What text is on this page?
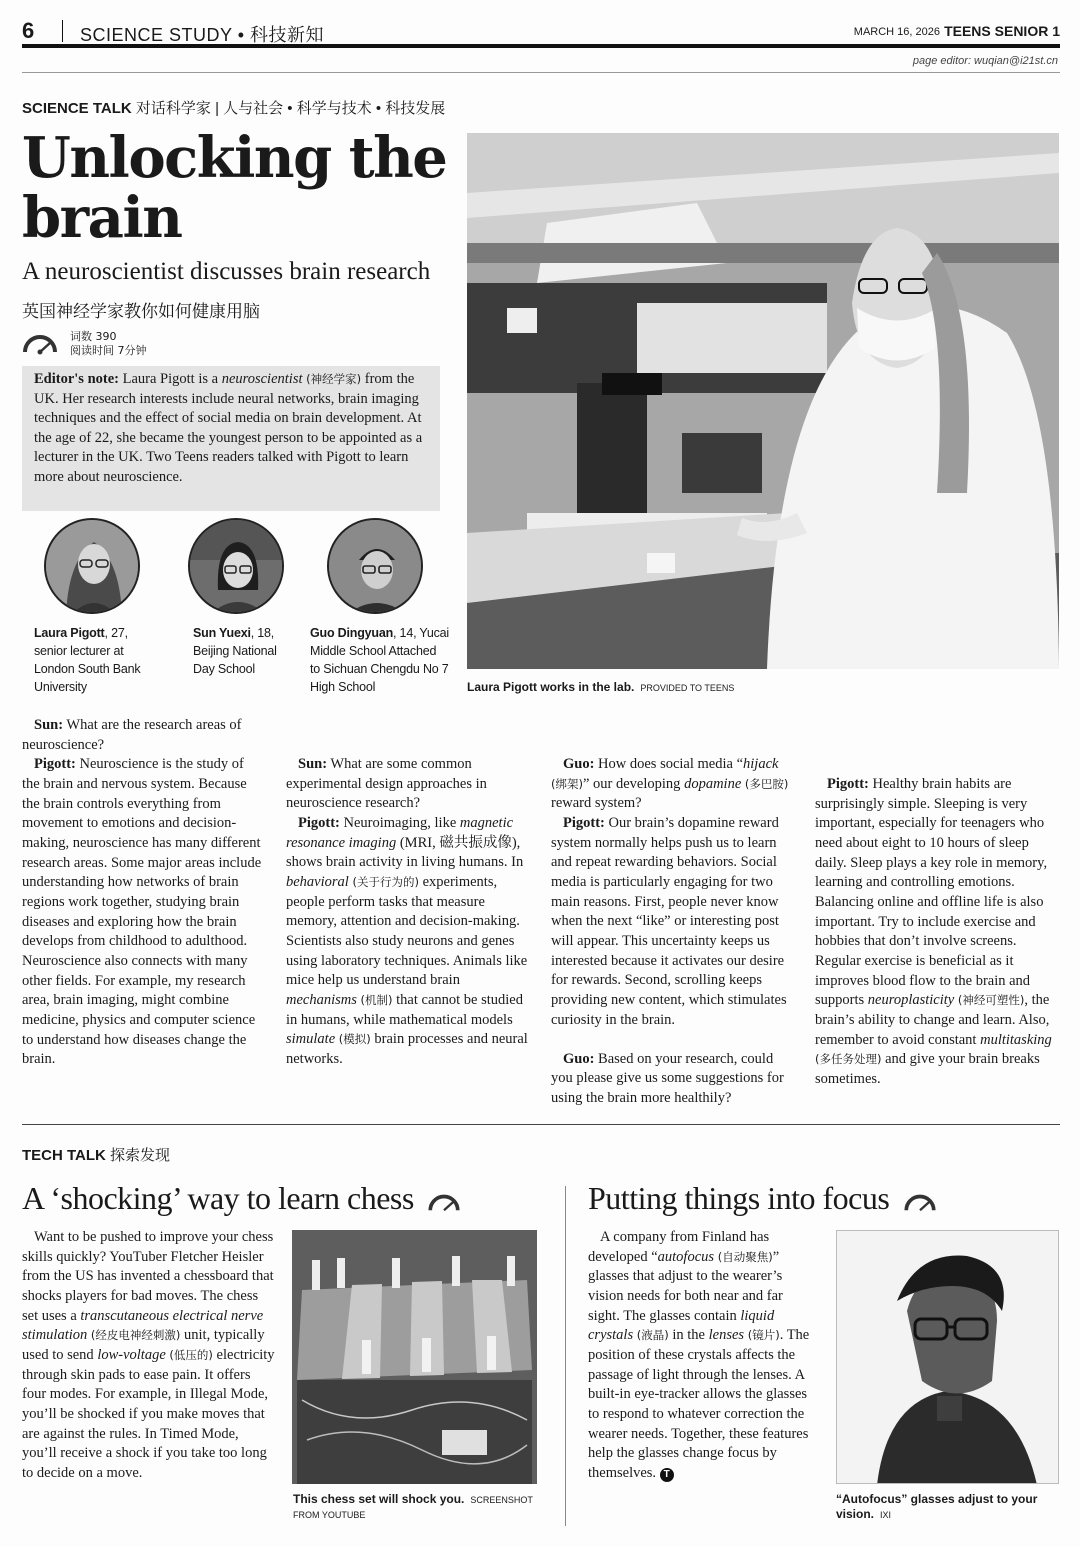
6	SCIENCE STUDY • 科技新知	MARCH 16, 2026 TEENS SENIOR 1
page editor: wuqian@i21st.cn
SCIENCE TALK 对话科学家 | 人与社会 • 科学与技术 • 科技发展
Unlocking the
brain
A neuroscientist discusses brain research
英国神经学家教你如何健康用脑
词数 390
阅读时间 7分钟
Editor's note: Laura Pigott is a neuroscientist (神经学家) from the UK. Her research interests include neural networks, brain imaging techniques and the effect of social media on brain development. At the age of 22, she became the youngest person to be appointed as a lecturer in the UK. Two Teens readers talked with Pigott to learn more about neuroscience.
Laura Pigott, 27,
senior lecturer at
London South Bank
University
Sun Yuexi, 18,
Beijing National
Day School
Guo Dingyuan, 14, Yucai
Middle School Attached
to Sichuan Chengdu No 7
High School	Laura Pigott works in the lab. PROVIDED TO TEENS

Sun: What are the research areas of neuroscience?

Pigott: Neuroscience is the study of the brain and nervous system. Because the brain controls everything from movement to emotions and decision-making, neuroscience has many different research areas. Some major areas include understanding how networks of brain regions work together, studying brain diseases and exploring how the brain develops from childhood to adulthood. Neuroscience also connects with many other fields. For example, my research area, brain imaging, might combine medicine, physics and computer science to understand how diseases change the brain.

Sun: What are some common experimental design approaches in neuroscience research?

Pigott: Neuroimaging, like magnetic resonance imaging (MRI, 磁共振成像), shows brain activity in living humans. In behavioral (关于行为的) experiments, people perform tasks that measure memory, attention and decision-making. Scientists also study neurons and genes using laboratory techniques. Animals like mice help us understand brain mechanisms (机制) that cannot be studied in humans, while mathematical models simulate (模拟) brain processes and neural networks.

Guo: How does social media “hijack (绑架)” our developing dopamine (多巴胺) reward system?

Pigott: Our brain’s dopamine reward system normally helps push us to learn and repeat rewarding behaviors. Social media is particularly engaging for two main reasons. First, people never know when the next “like” or interesting post will appear. This uncertainty keeps us interested because it activates our desire for rewards. Second, scrolling keeps providing new content, which stimulates curiosity in the brain.

Guo: Based on your research, could you please give us some suggestions for using the brain more healthily?

Pigott: Healthy brain habits are surprisingly simple. Sleeping is very important, especially for teenagers who need about eight to 10 hours of sleep daily. Sleep plays a key role in memory, learning and controlling emotions. Balancing online and offline life is also important. Try to include exercise and hobbies that don’t involve screens. Regular exercise is beneficial as it improves blood flow to the brain and supports neuroplasticity (神经可塑性), the brain’s ability to change and learn. Also, remember to avoid constant multitasking (多任务处理) and give your brain breaks sometimes.

TECH TALK 探索发现
A ‘shocking’ way to learn chess

Want to be pushed to improve your chess skills quickly? YouTuber Fletcher Heisler from the US has invented a chessboard that shocks players for bad moves. The chess set uses a transcutaneous electrical nerve stimulation (经皮电神经刺激) unit, typically used to send low-voltage (低压的) electricity through skin pads to ease pain. It offers four modes. For example, in Illegal Mode, you’ll be shocked if you make moves that are against the rules. In Timed Mode, you’ll receive a shock if you take too long to decide on a move.

This chess set will shock you. SCREENSHOT
FROM YOUTUBE
Putting things into focus

A company from Finland has developed “autofocus (自动聚焦)” glasses that adjust to the wearer’s vision needs for both near and far sight. The glasses contain liquid crystals (液晶) in the lenses (镜片). The position of these crystals affects the passage of light through the lenses. A built-in eye-tracker allows the glasses to respond to whatever correction the wearer needs. Together, these features help the glasses change focus by themselves. T

“Autofocus” glasses adjust to your
vision. IXI
